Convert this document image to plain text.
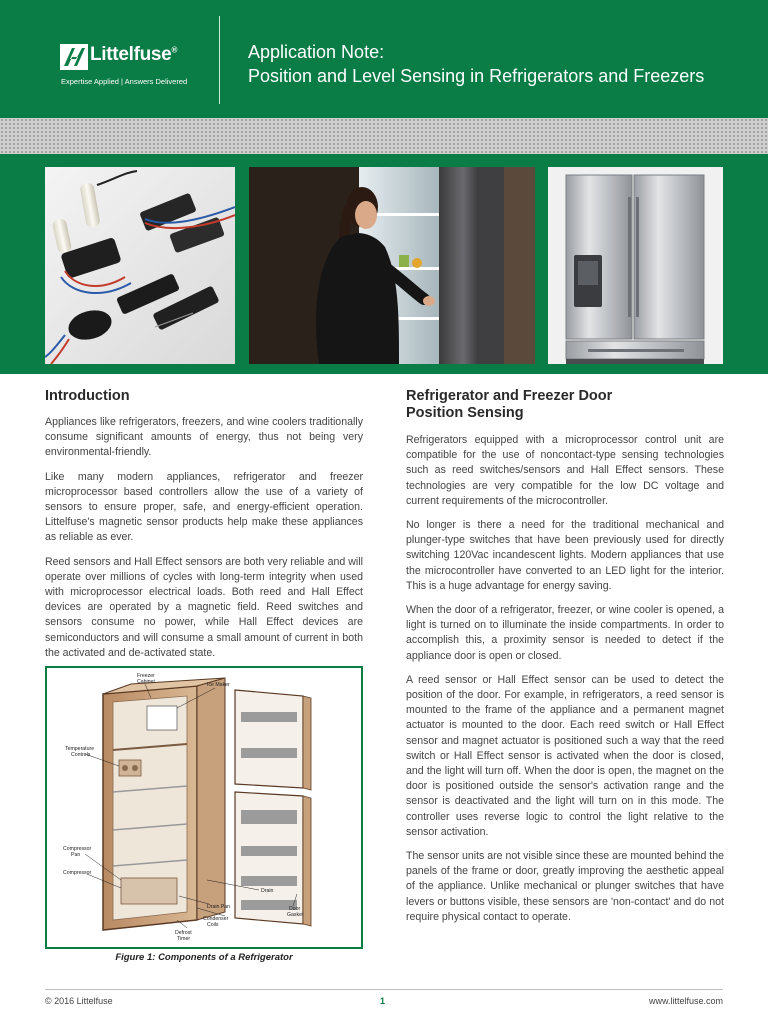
Littelfuse®
Expertise Applied | Answers Delivered
Application Note:
Position and Level Sensing in Refrigerators and Freezers
Introduction

Appliances like refrigerators, freezers, and wine coolers traditionally consume significant amounts of energy, thus not being very environmental-friendly.

Like many modern appliances, refrigerator and freezer microprocessor based controllers allow the use of a variety of sensors to ensure proper, safe, and energy-efficient operation. Littelfuse's magnetic sensor products help make these appliances as reliable as ever.

Reed sensors and Hall Effect sensors are both very reliable and will operate over millions of cycles with long-term integrity when used with microprocessor electrical loads. Both reed and Hall Effect devices are operated by a magnetic field. Reed switches and sensors consume no power, while Hall Effect devices are semiconductors and will consume a small amount of current in both the activated and de-activated state.

Freezer
Cabinet	Ice Maker
Temperature
Controls
Compressor
Pan
Compressor
Drain
Drain Pan	Door
Gasket
Condenser
Coils
Defrost
Timer
Figure 1: Components of a Refrigerator
Refrigerator and Freezer Door
Position Sensing

Refrigerators equipped with a microprocessor control unit are compatible for the use of noncontact-type sensing technologies such as reed switches/sensors and Hall Effect sensors. These technologies are very compatible for the low DC voltage and current requirements of the microcontroller.

No longer is there a need for the traditional mechanical and plunger-type switches that have been previously used for directly switching 120Vac incandescent lights. Modern appliances that use the microcontroller have converted to an LED light for the interior. This is a huge advantage for energy saving.

When the door of a refrigerator, freezer, or wine cooler is opened, a light is turned on to illuminate the inside compartments. In order to accomplish this, a proximity sensor is needed to detect if the appliance door is open or closed.

A reed sensor or Hall Effect sensor can be used to detect the position of the door. For example, in refrigerators, a reed sensor is mounted to the frame of the appliance and a permanent magnet actuator is mounted to the door. Each reed switch or Hall Effect sensor and magnet actuator is positioned such a way that the reed switch or Hall Effect sensor is activated when the door is closed, and the light will turn off. When the door is open, the magnet on the door is positioned outside the sensor's activation range and the sensor is deactivated and the light will turn on in this mode. The controller uses reverse logic to control the light relative to the sensor activation.

The sensor units are not visible since these are mounted behind the panels of the frame or door, greatly improving the aesthetic appeal of the appliance. Unlike mechanical or plunger switches that have levers or buttons visible, these sensors are 'non-contact' and do not require physical contact to operate.

© 2016 Littelfuse	1	www.littelfuse.com
